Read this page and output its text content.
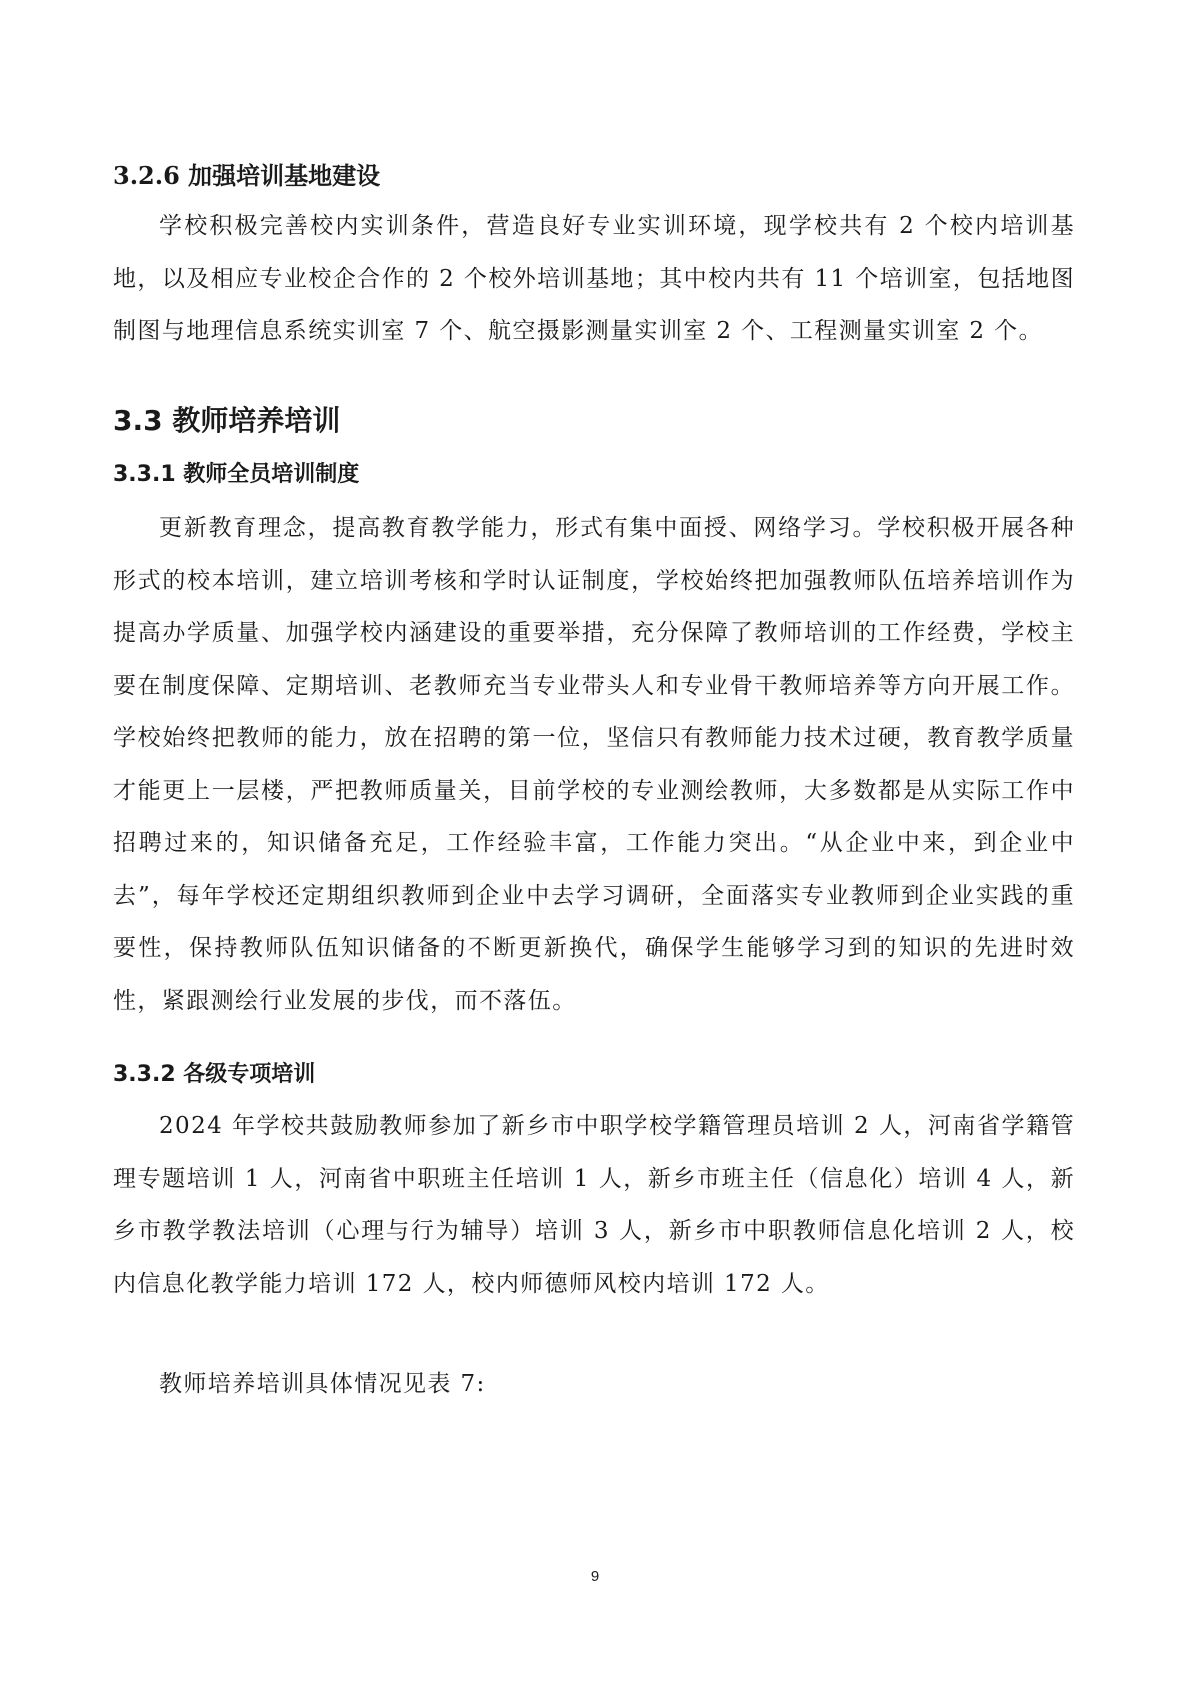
3.2.6 加强培训基地建设

学校积极完善校内实训条件，营造良好专业实训环境，现学校共有 2 个校内培训基地，以及相应专业校企合作的 2 个校外培训基地；其中校内共有 11 个培训室，包括地图制图与地理信息系统实训室 7 个、航空摄影测量实训室 2 个、工程测量实训室 2 个。

3.3 教师培养培训
3.3.1 教师全员培训制度

更新教育理念，提高教育教学能力，形式有集中面授、网络学习。学校积极开展各种形式的校本培训，建立培训考核和学时认证制度，学校始终把加强教师队伍培养培训作为提高办学质量、加强学校内涵建设的重要举措，充分保障了教师培训的工作经费，学校主要在制度保障、定期培训、老教师充当专业带头人和专业骨干教师培养等方向开展工作。学校始终把教师的能力，放在招聘的第一位，坚信只有教师能力技术过硬，教育教学质量才能更上一层楼，严把教师质量关，目前学校的专业测绘教师，大多数都是从实际工作中招聘过来的，知识储备充足，工作经验丰富，工作能力突出。“从企业中来，到企业中去”，每年学校还定期组织教师到企业中去学习调研，全面落实专业教师到企业实践的重要性，保持教师队伍知识储备的不断更新换代，确保学生能够学习到的知识的先进时效性，紧跟测绘行业发展的步伐，而不落伍。

3.3.2 各级专项培训

2024 年学校共鼓励教师参加了新乡市中职学校学籍管理员培训 2 人，河南省学籍管理专题培训 1 人，河南省中职班主任培训 1 人，新乡市班主任（信息化）培训 4 人，新乡市教学教法培训（心理与行为辅导）培训 3 人，新乡市中职教师信息化培训 2 人，校内信息化教学能力培训 172 人，校内师德师风校内培训 172 人。

教师培养培训具体情况见表 7:

9
